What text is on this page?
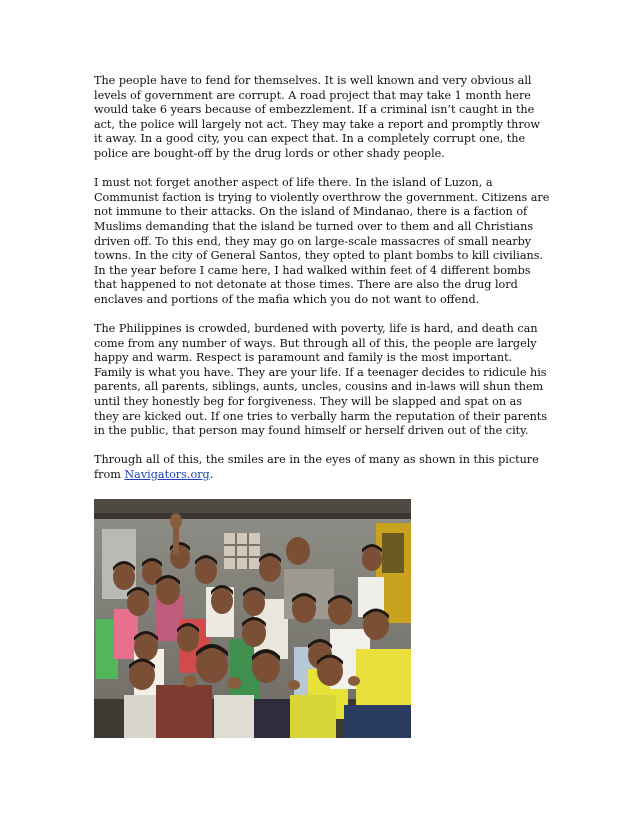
The people have to fend for themselves. It is well known and very obvious all levels of government are corrupt. A road project that may take 1 month here would take 6 years because of embezzlement. If a criminal isn’t caught in the act, the police will largely not act. They may take a report and promptly throw it away. In a good city, you can expect that. In a completely corrupt one, the police are bought-off by the drug lords or other shady people.

I must not forget another aspect of life there. In the island of Luzon, a Communist faction is trying to violently overthrow the government. Citizens are not immune to their attacks. On the island of Mindanao, there is a faction of Muslims demanding that the island be turned over to them and all Christians driven off. To this end, they may go on large-scale massacres of small nearby towns. In the city of General Santos, they opted to plant bombs to kill civilians. In the year before I came here, I had walked within feet of 4 different bombs that happened to not detonate at those times. There are also the drug lord enclaves and portions of the mafia which you do not want to offend.

The Philippines is crowded, burdened with poverty, life is hard, and death can come from any number of ways. But through all of this, the people are largely happy and warm. Respect is paramount and family is the most important. Family is what you have. They are your life. If a teenager decides to ridicule his parents, all parents, siblings, aunts, uncles, cousins and in-laws will shun them until they honestly beg for forgiveness. They will be slapped and spat on as they are kicked out. If one tries to verbally harm the reputation of their parents in the public, that person may found himself or herself driven out of the city.

Through all of this, the smiles are in the eyes of many as shown in this picture from Navigators.org.
